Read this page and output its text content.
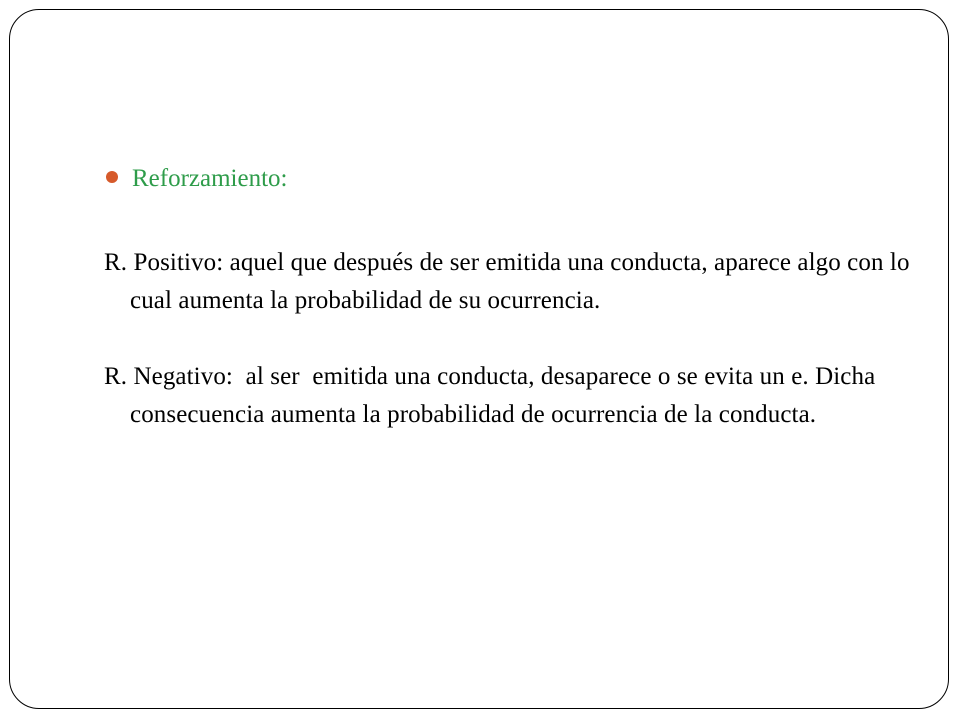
Reforzamiento:
R. Positivo: aquel que después de ser emitida una conducta, aparece algo con lo cual aumenta la probabilidad de su ocurrencia.
R. Negativo:  al ser  emitida una conducta, desaparece o se evita un e. Dicha consecuencia aumenta la probabilidad de ocurrencia de la conducta.
